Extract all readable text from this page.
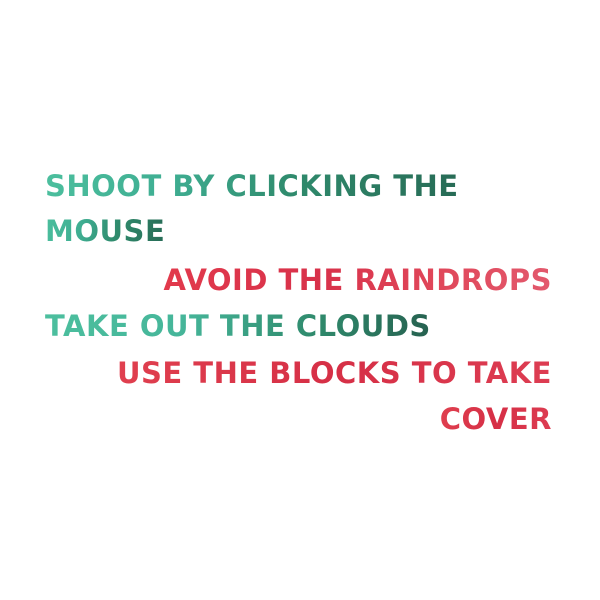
SHOOT BY CLICKING THE

MOUSE

AVOID THE RAINDROPS

TAKE OUT THE CLOUDS

USE THE BLOCKS TO TAKE

COVER
